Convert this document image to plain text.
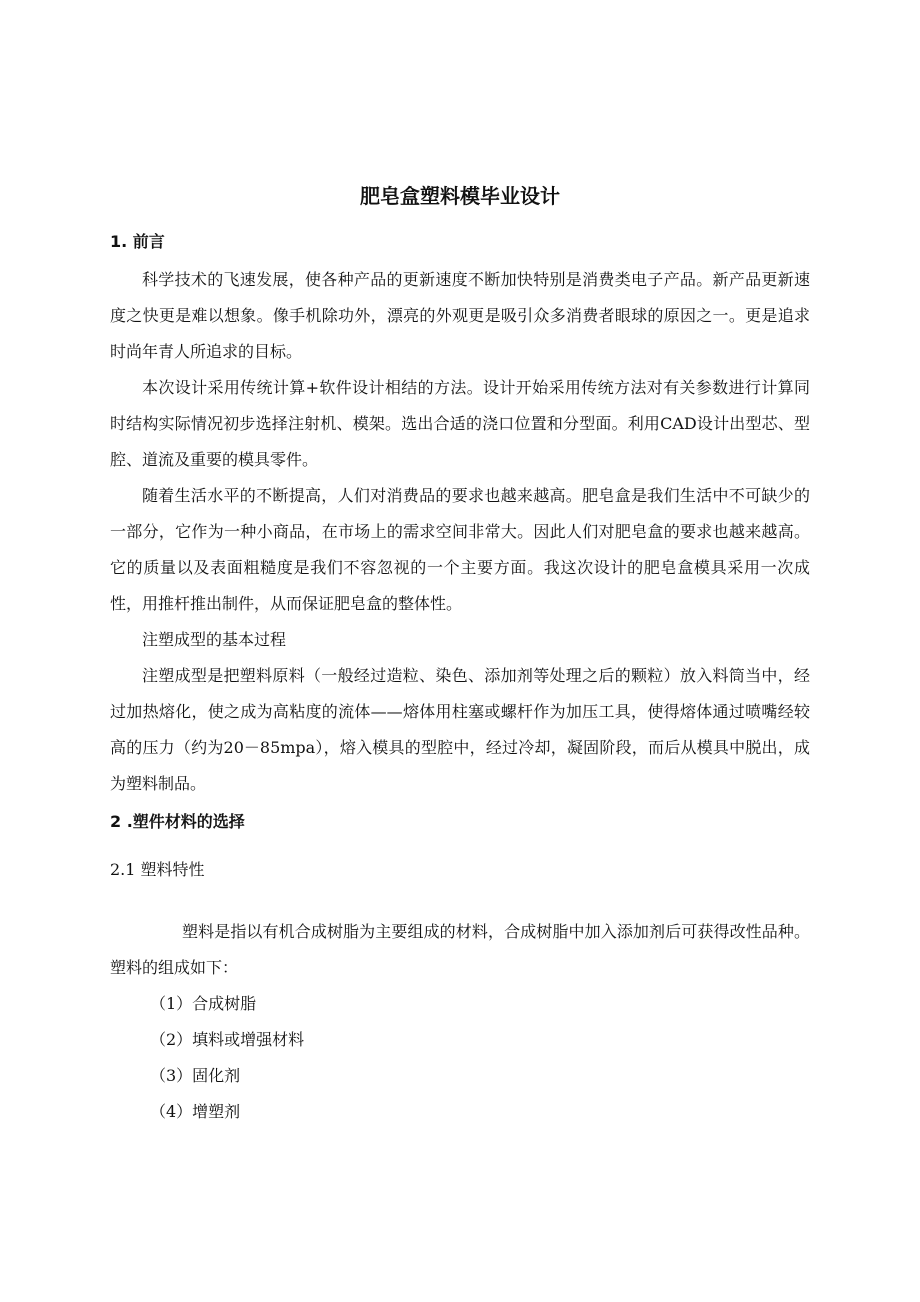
肥皂盒塑料模毕业设计
1. 前言

科学技术的飞速发展，使各种产品的更新速度不断加快特别是消费类电子产品。新产品更新速度之快更是难以想象。像手机除功外，漂亮的外观更是吸引众多消费者眼球的原因之一。更是追求时尚年青人所追求的目标。

本次设计采用传统计算+软件设计相结的方法。设计开始采用传统方法对有关参数进行计算同时结构实际情况初步选择注射机、模架。选出合适的浇口位置和分型面。利用CAD设计出型芯、型腔、道流及重要的模具零件。

随着生活水平的不断提高，人们对消费品的要求也越来越高。肥皂盒是我们生活中不可缺少的一部分，它作为一种小商品，在市场上的需求空间非常大。因此人们对肥皂盒的要求也越来越高。它的质量以及表面粗糙度是我们不容忽视的一个主要方面。我这次设计的肥皂盒模具采用一次成性，用推杆推出制件，从而保证肥皂盒的整体性。

注塑成型的基本过程

注塑成型是把塑料原料（一般经过造粒、染色、添加剂等处理之后的颗粒）放入料筒当中，经过加热熔化，使之成为高粘度的流体——熔体用柱塞或螺杆作为加压工具，使得熔体通过喷嘴经较高的压力（约为20－85mpa），熔入模具的型腔中，经过冷却，凝固阶段，而后从模具中脱出，成为塑料制品。

2 .塑件材料的选择

2.1 塑料特性

塑料是指以有机合成树脂为主要组成的材料，合成树脂中加入添加剂后可获得改性品种。塑料的组成如下：

（1）合成树脂
（2）填料或增强材料
（3）固化剂
（4）增塑剂
